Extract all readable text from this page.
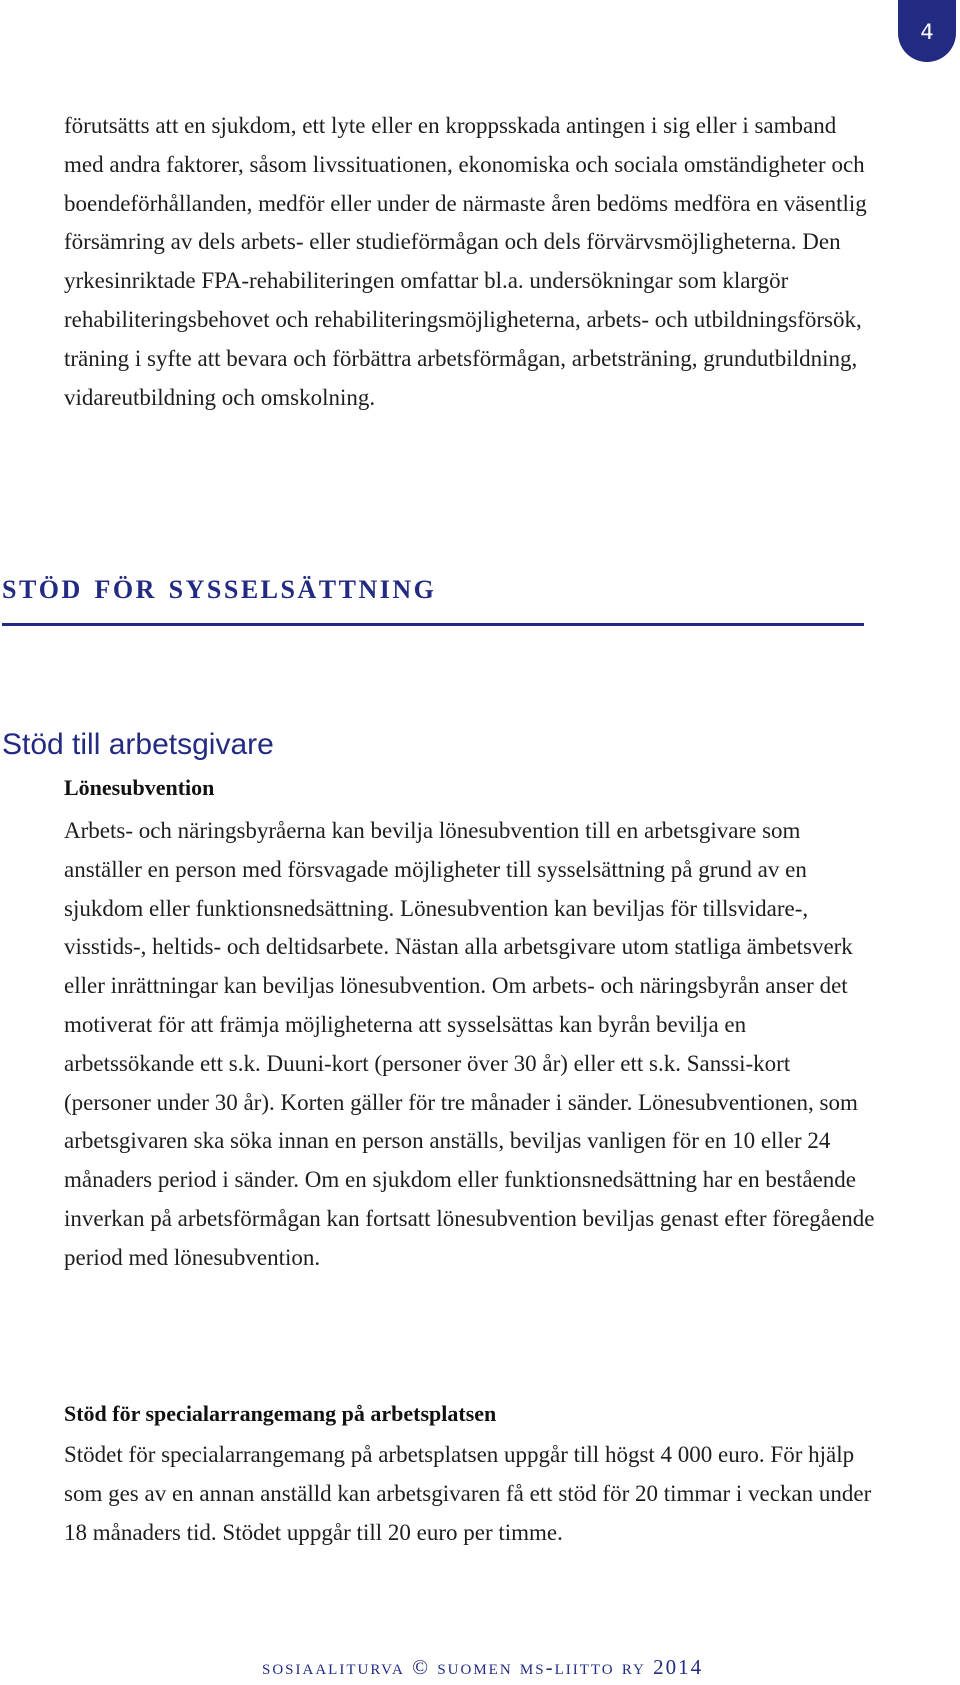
4

förutsätts att en sjukdom, ett lyte eller en kroppsskada antingen i sig eller i samband med andra faktorer, såsom livssituationen, ekonomiska och sociala omständigheter och boendeförhållanden, medför eller under de närmaste åren bedöms medföra en väsentlig försämring av dels arbets- eller studieförmågan och dels förvärvsmöjligheterna. Den yrkesinriktade FPA-rehabiliteringen omfattar bl.a. undersökningar som klargör rehabiliteringsbehovet och rehabiliteringsmöjligheterna, arbets- och utbildningsförsök, träning i syfte att bevara och förbättra arbetsförmågan, arbetsträning, grundutbildning, vidareutbildning och omskolning.

stöd för sysselsättning
Stöd till arbetsgivare
Lönesubvention

Arbets- och näringsbyråerna kan bevilja lönesubvention till en arbetsgivare som anställer en person med försvagade möjligheter till sysselsättning på grund av en sjukdom eller funktionsnedsättning. Lönesubvention kan beviljas för tillsvidare-, visstids-, heltids- och deltidsarbete. Nästan alla arbetsgivare utom statliga ämbetsverk eller inrättningar kan beviljas lönesubvention. Om arbets- och näringsbyrån anser det motiverat för att främja möjligheterna att sysselsättas kan byrån bevilja en arbetssökande ett s.k. Duuni-kort (personer över 30 år) eller ett s.k. Sanssi-kort (personer under 30 år). Korten gäller för tre månader i sänder. Lönesubventionen, som arbetsgivaren ska söka innan en person anställs, beviljas vanligen för en 10 eller 24 månaders period i sänder. Om en sjukdom eller funktionsnedsättning har en bestående inverkan på arbetsförmågan kan fortsatt lönesubvention beviljas genast efter föregående period med lönesubvention.

Stöd för specialarrangemang på arbetsplatsen

Stödet för specialarrangemang på arbetsplatsen uppgår till högst 4 000 euro. För hjälp som ges av en annan anställd kan arbetsgivaren få ett stöd för 20 timmar i veckan under 18 månaders tid. Stödet uppgår till 20 euro per timme.

sosiaaliturva © suomen ms-liitto ry 2014
